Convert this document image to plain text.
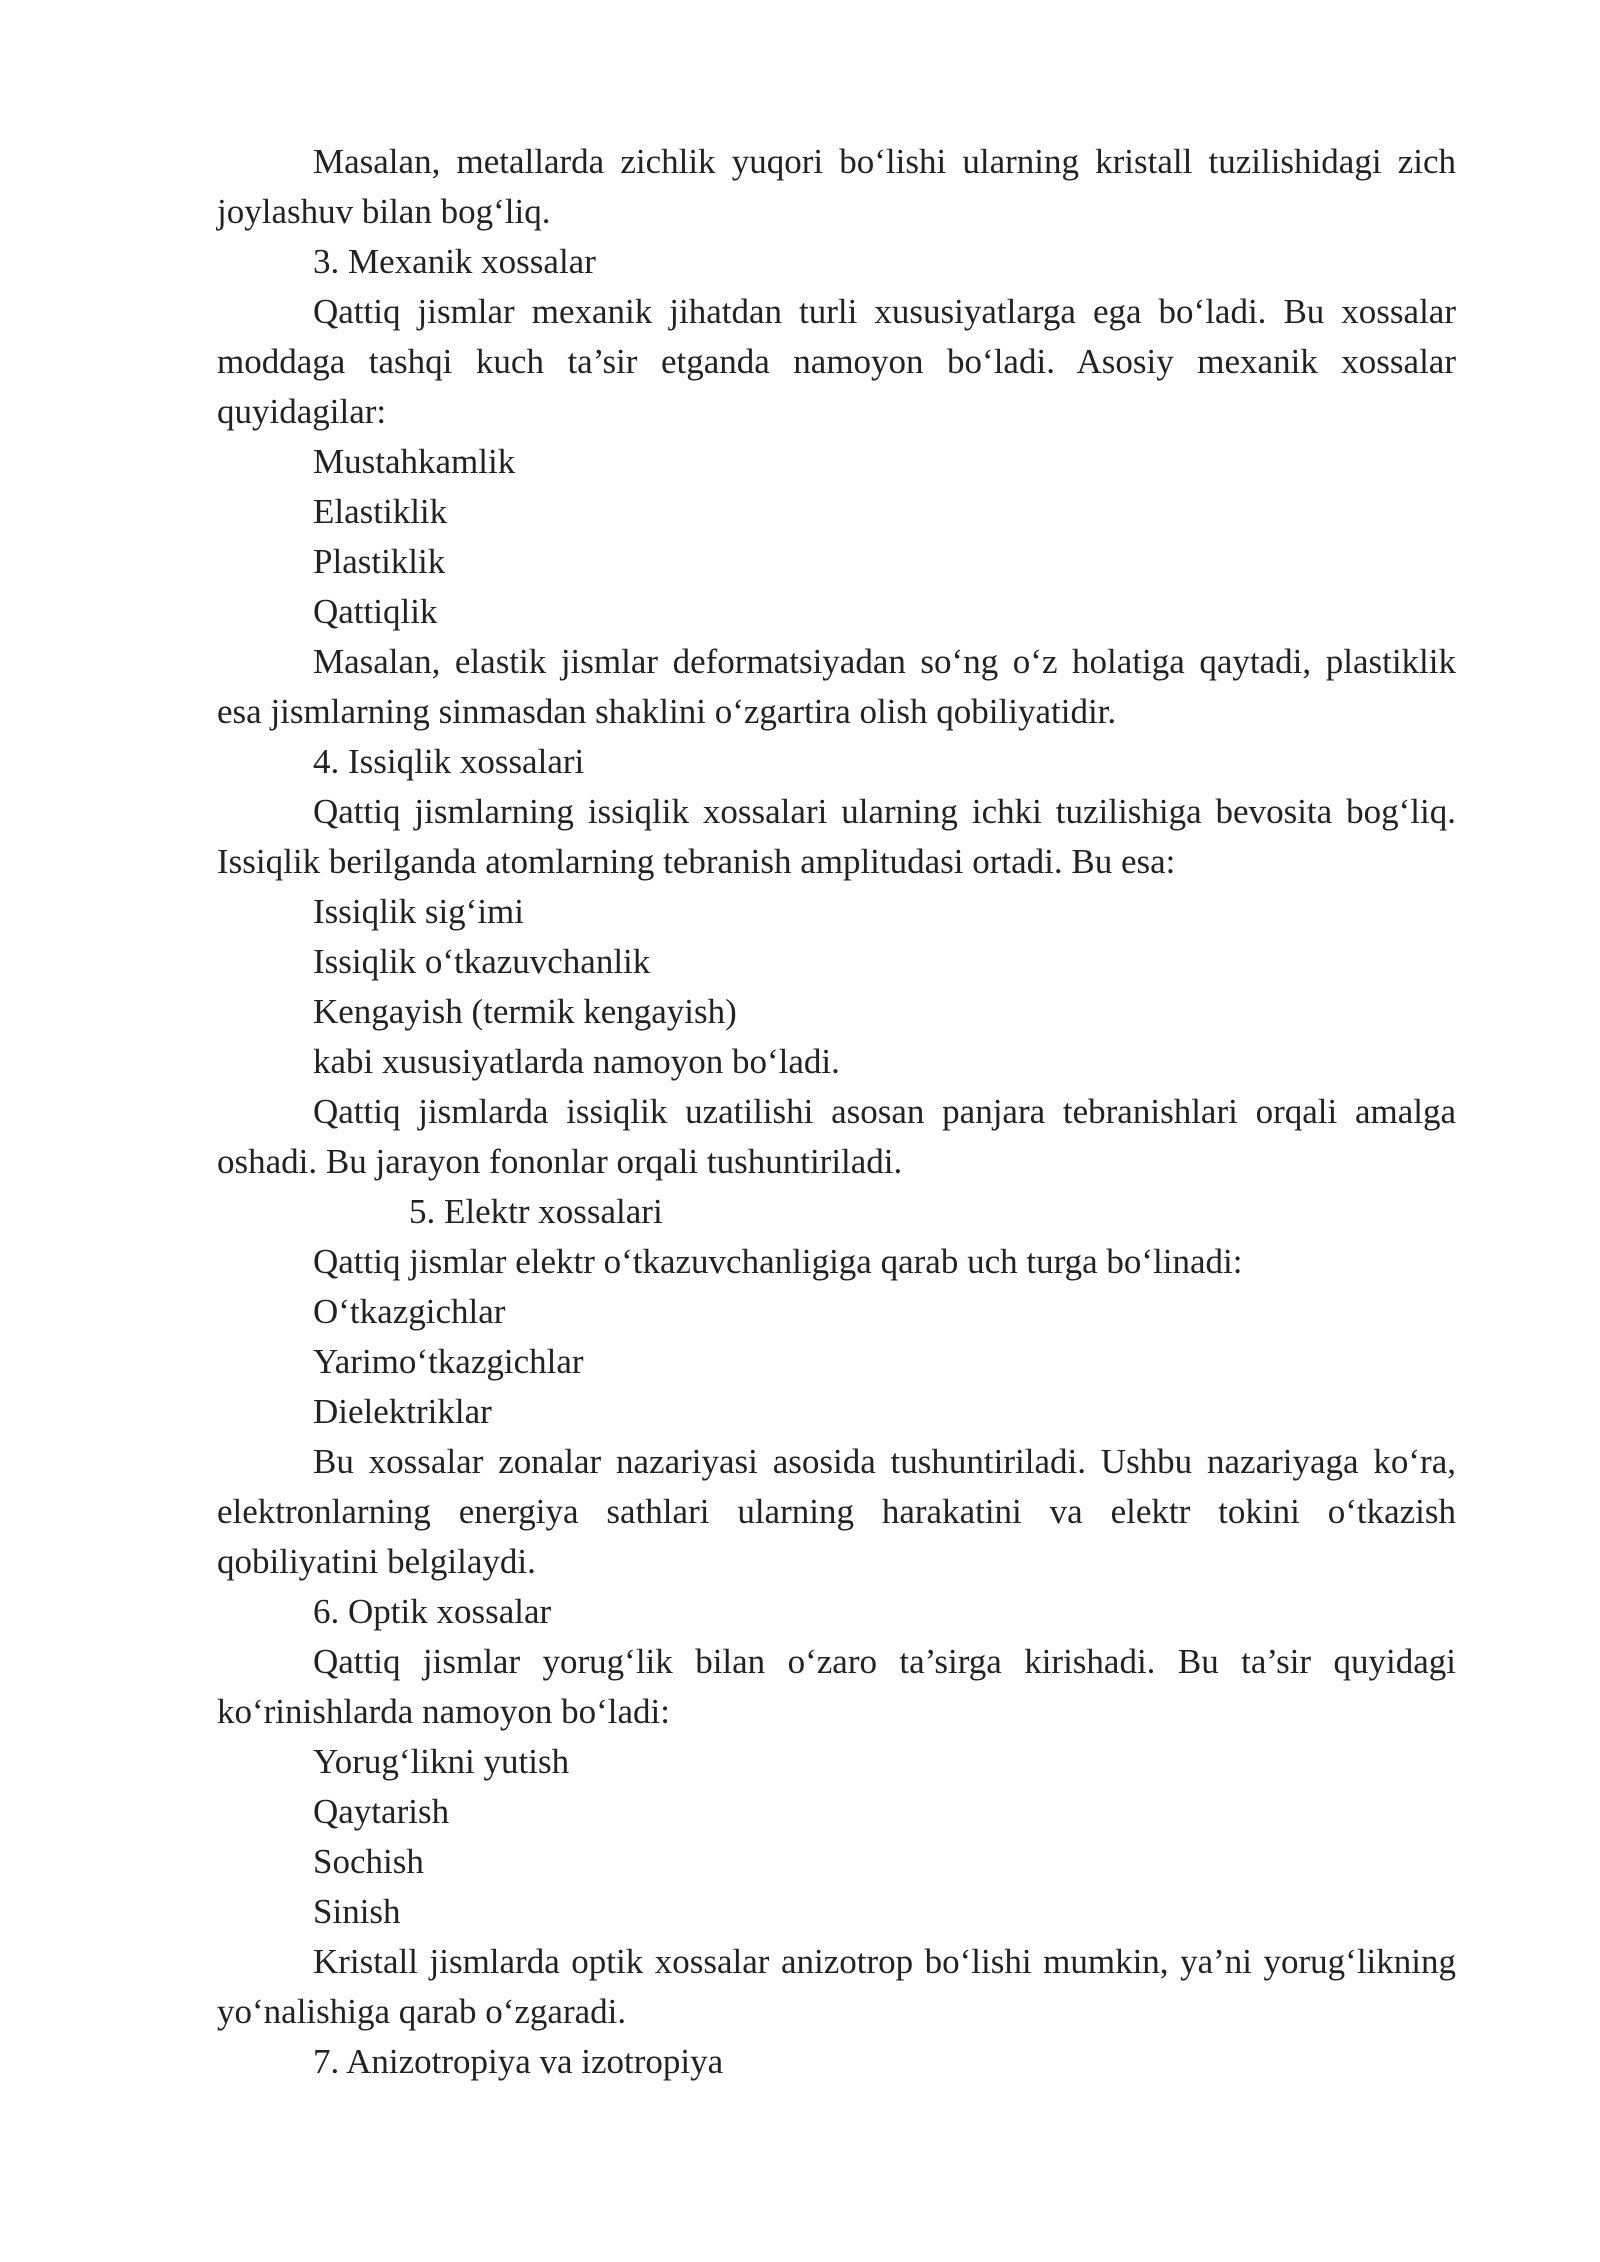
Masalan, metallarda zichlik yuqori bo‘lishi ularning kristall tuzilishidagi zich joylashuv bilan bog‘liq.

3. Mexanik xossalar

Qattiq jismlar mexanik jihatdan turli xususiyatlarga ega bo‘ladi. Bu xossalar moddaga tashqi kuch ta’sir etganda namoyon bo‘ladi. Asosiy mexanik xossalar quyidagilar:

Mustahkamlik

Elastiklik

Plastiklik

Qattiqlik

Masalan, elastik jismlar deformatsiyadan so‘ng o‘z holatiga qaytadi, plastiklik esa jismlarning sinmasdan shaklini o‘zgartira olish qobiliyatidir.

4. Issiqlik xossalari

Qattiq jismlarning issiqlik xossalari ularning ichki tuzilishiga bevosita bog‘liq. Issiqlik berilganda atomlarning tebranish amplitudasi ortadi. Bu esa:

Issiqlik sig‘imi

Issiqlik o‘tkazuvchanlik

Kengayish (termik kengayish)

kabi xususiyatlarda namoyon bo‘ladi.

Qattiq jismlarda issiqlik uzatilishi asosan panjara tebranishlari orqali amalga oshadi. Bu jarayon fononlar orqali tushuntiriladi.

5. Elektr xossalari

Qattiq jismlar elektr o‘tkazuvchanligiga qarab uch turga bo‘linadi:

O‘tkazgichlar

Yarimo‘tkazgichlar

Dielektriklar

Bu xossalar zonalar nazariyasi asosida tushuntiriladi. Ushbu nazariyaga ko‘ra, elektronlarning energiya sathlari ularning harakatini va elektr tokini o‘tkazish qobiliyatini belgilaydi.

6. Optik xossalar

Qattiq jismlar yorug‘lik bilan o‘zaro ta’sirga kirishadi. Bu ta’sir quyidagi ko‘rinishlarda namoyon bo‘ladi:

Yorug‘likni yutish

Qaytarish

Sochish

Sinish

Kristall jismlarda optik xossalar anizotrop bo‘lishi mumkin, ya’ni yorug‘likning yo‘nalishiga qarab o‘zgaradi.

7. Anizotropiya va izotropiya
